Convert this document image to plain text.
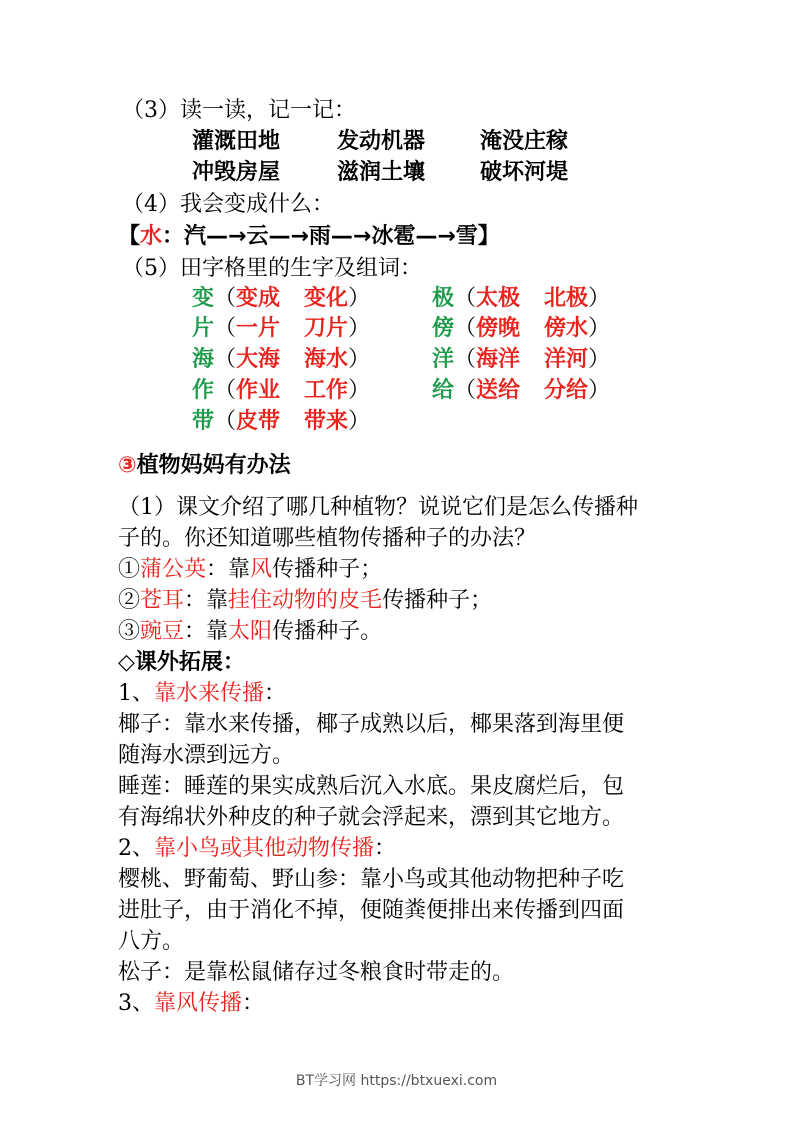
（3）读一读，记一记：
灌溉田地	发动机器 淹没庄稼
冲毁房屋	滋润土壤 破坏河堤
（4）我会变成什么：
【水：汽—→云—→雨—→冰雹—→雪】
（5）田字格里的生字及组词：
变（变成 变化）
片（一片 刀片）
海（大海 海水）
作（作业 工作）
带（皮带 带来）
极（太极 北极）
傍（傍晚 傍水）
洋（海洋 洋河）
给（送给 分给）
③植物妈妈有办法
（1）课文介绍了哪几种植物？说说它们是怎么传播种
子的。你还知道哪些植物传播种子的办法？
①蒲公英：靠风传播种子；
②苍耳：靠挂住动物的皮毛传播种子；
③豌豆：靠太阳传播种子。
◇课外拓展：
1、靠水来传播：
椰子：靠水来传播，椰子成熟以后，椰果落到海里便
随海水漂到远方。
睡莲：睡莲的果实成熟后沉入水底。果皮腐烂后，包
有海绵状外种皮的种子就会浮起来，漂到其它地方。
2、靠小鸟或其他动物传播：
樱桃、野葡萄、野山参：靠小鸟或其他动物把种子吃
进肚子，由于消化不掉，便随粪便排出来传播到四面
八方。
松子：是靠松鼠储存过冬粮食时带走的。
3、靠风传播：
BT学习网 https://btxuexi.com
